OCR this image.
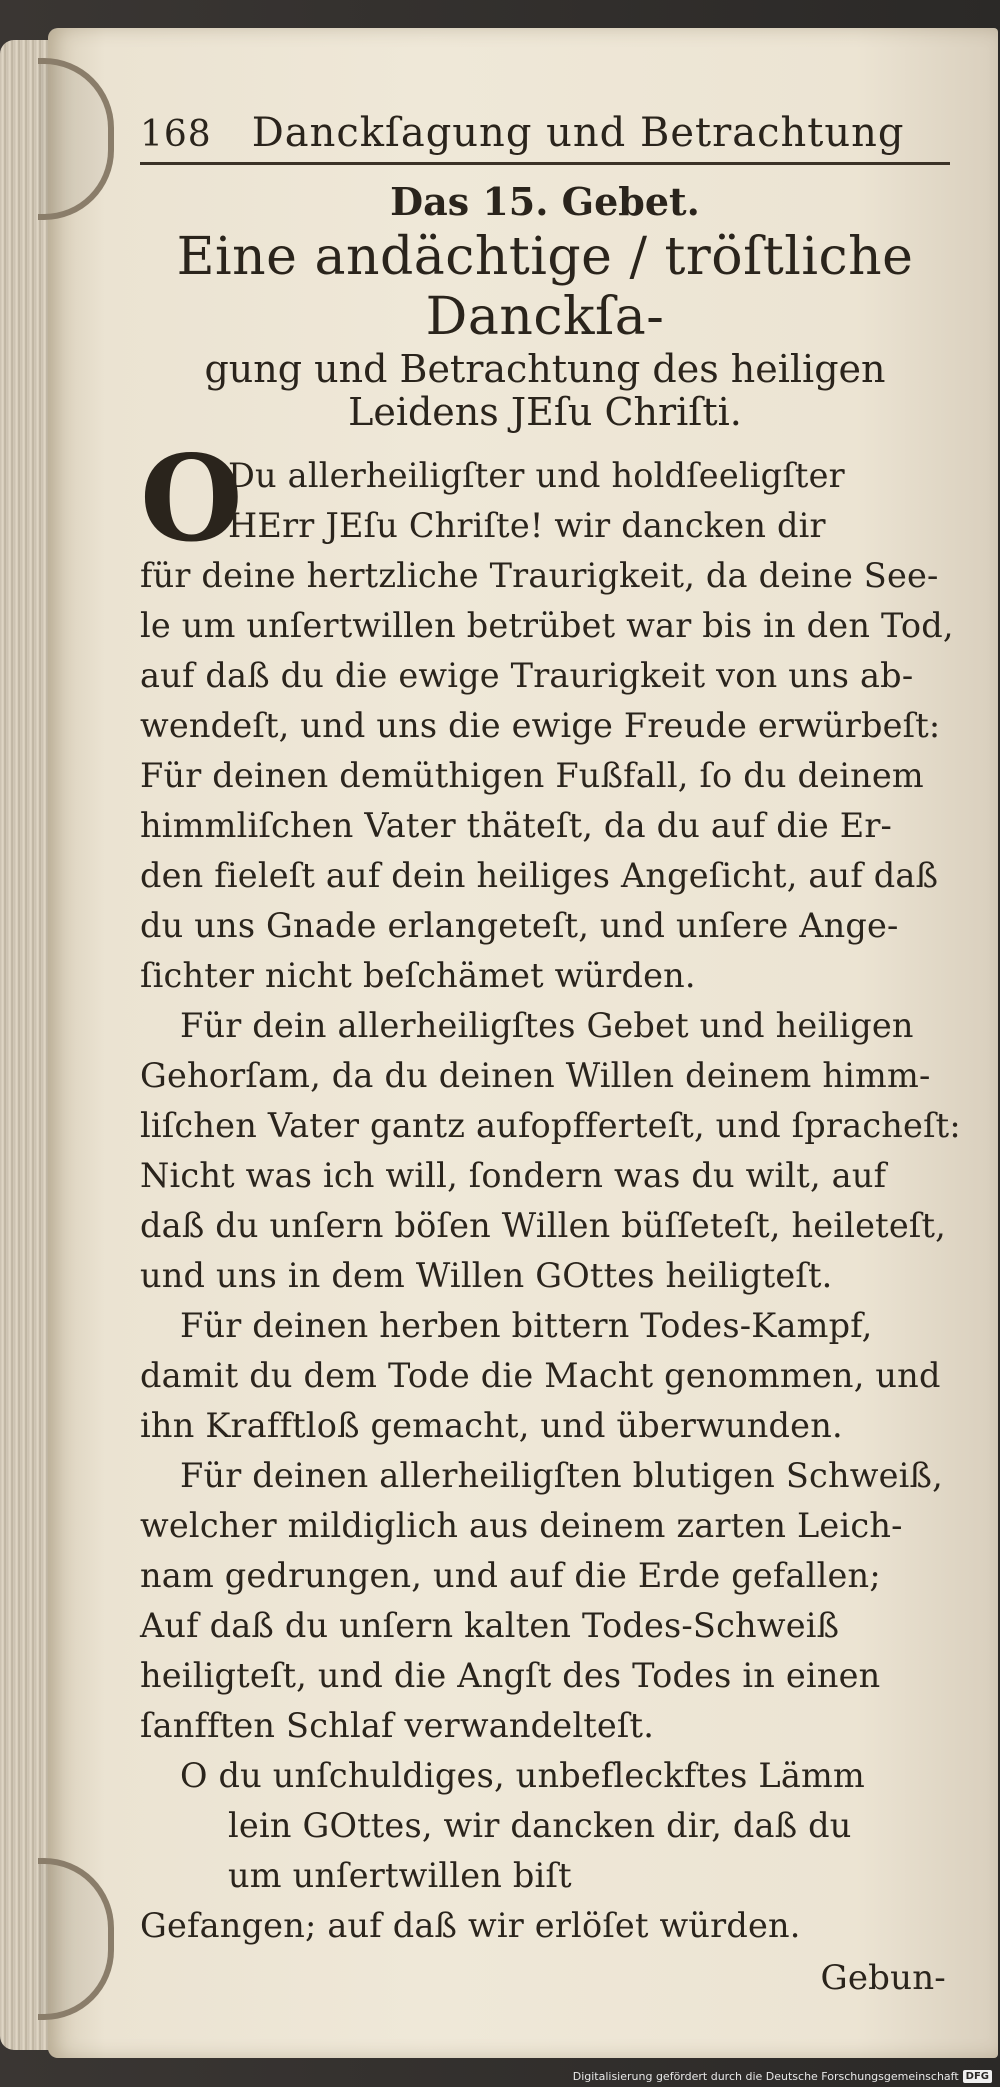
168 Danckſagung und Betrachtung
Das 15. Gebet.
Eine andächtige / tröſtliche Danckſa-
gung und Betrachtung des heiligen
Leidens JEſu Chriſti.
O
Du allerheiligſter und holdſeeligſter
HErr JEſu Chriſte! wir dancken dir
für deine hertzliche Traurigkeit, da deine See-
le um unſertwillen betrübet war bis in den Tod,
auf daß du die ewige Traurigkeit von uns ab-
wendeſt, und uns die ewige Freude erwürbeſt:
Für deinen demüthigen Fußfall, ſo du deinem
himmliſchen Vater thäteſt, da du auf die Er-
den fieleſt auf dein heiliges Angeſicht, auf daß
du uns Gnade erlangeteſt, und unſere Ange-
ſichter nicht beſchämet würden.
Für dein allerheiligſtes Gebet und heiligen
Gehorſam, da du deinen Willen deinem himm-
liſchen Vater gantz aufopfferteſt, und ſpracheſt:
Nicht was ich will, ſondern was du wilt, auf
daß du unſern böſen Willen büſſeteſt, heileteſt,
und uns in dem Willen GOttes heiligteſt.
Für deinen herben bittern Todes-Kampf,
damit du dem Tode die Macht genommen, und
ihn Krafftloß gemacht, und überwunden.
Für deinen allerheiligſten blutigen Schweiß,
welcher mildiglich aus deinem zarten Leich-
nam gedrungen, und auf die Erde gefallen;
Auf daß du unſern kalten Todes-Schweiß
heiligteſt, und die Angſt des Todes in einen
ſanfften Schlaf verwandelteſt.
O du unſchuldiges, unbefleckftes Lämm
lein GOttes, wir dancken dir, daß du
um unſertwillen biſt
Gefangen; auf daß wir erlöſet würden.
Gebun-
Digitalisierung gefördert durch die Deutsche Forschungsgemeinschaft DFG
